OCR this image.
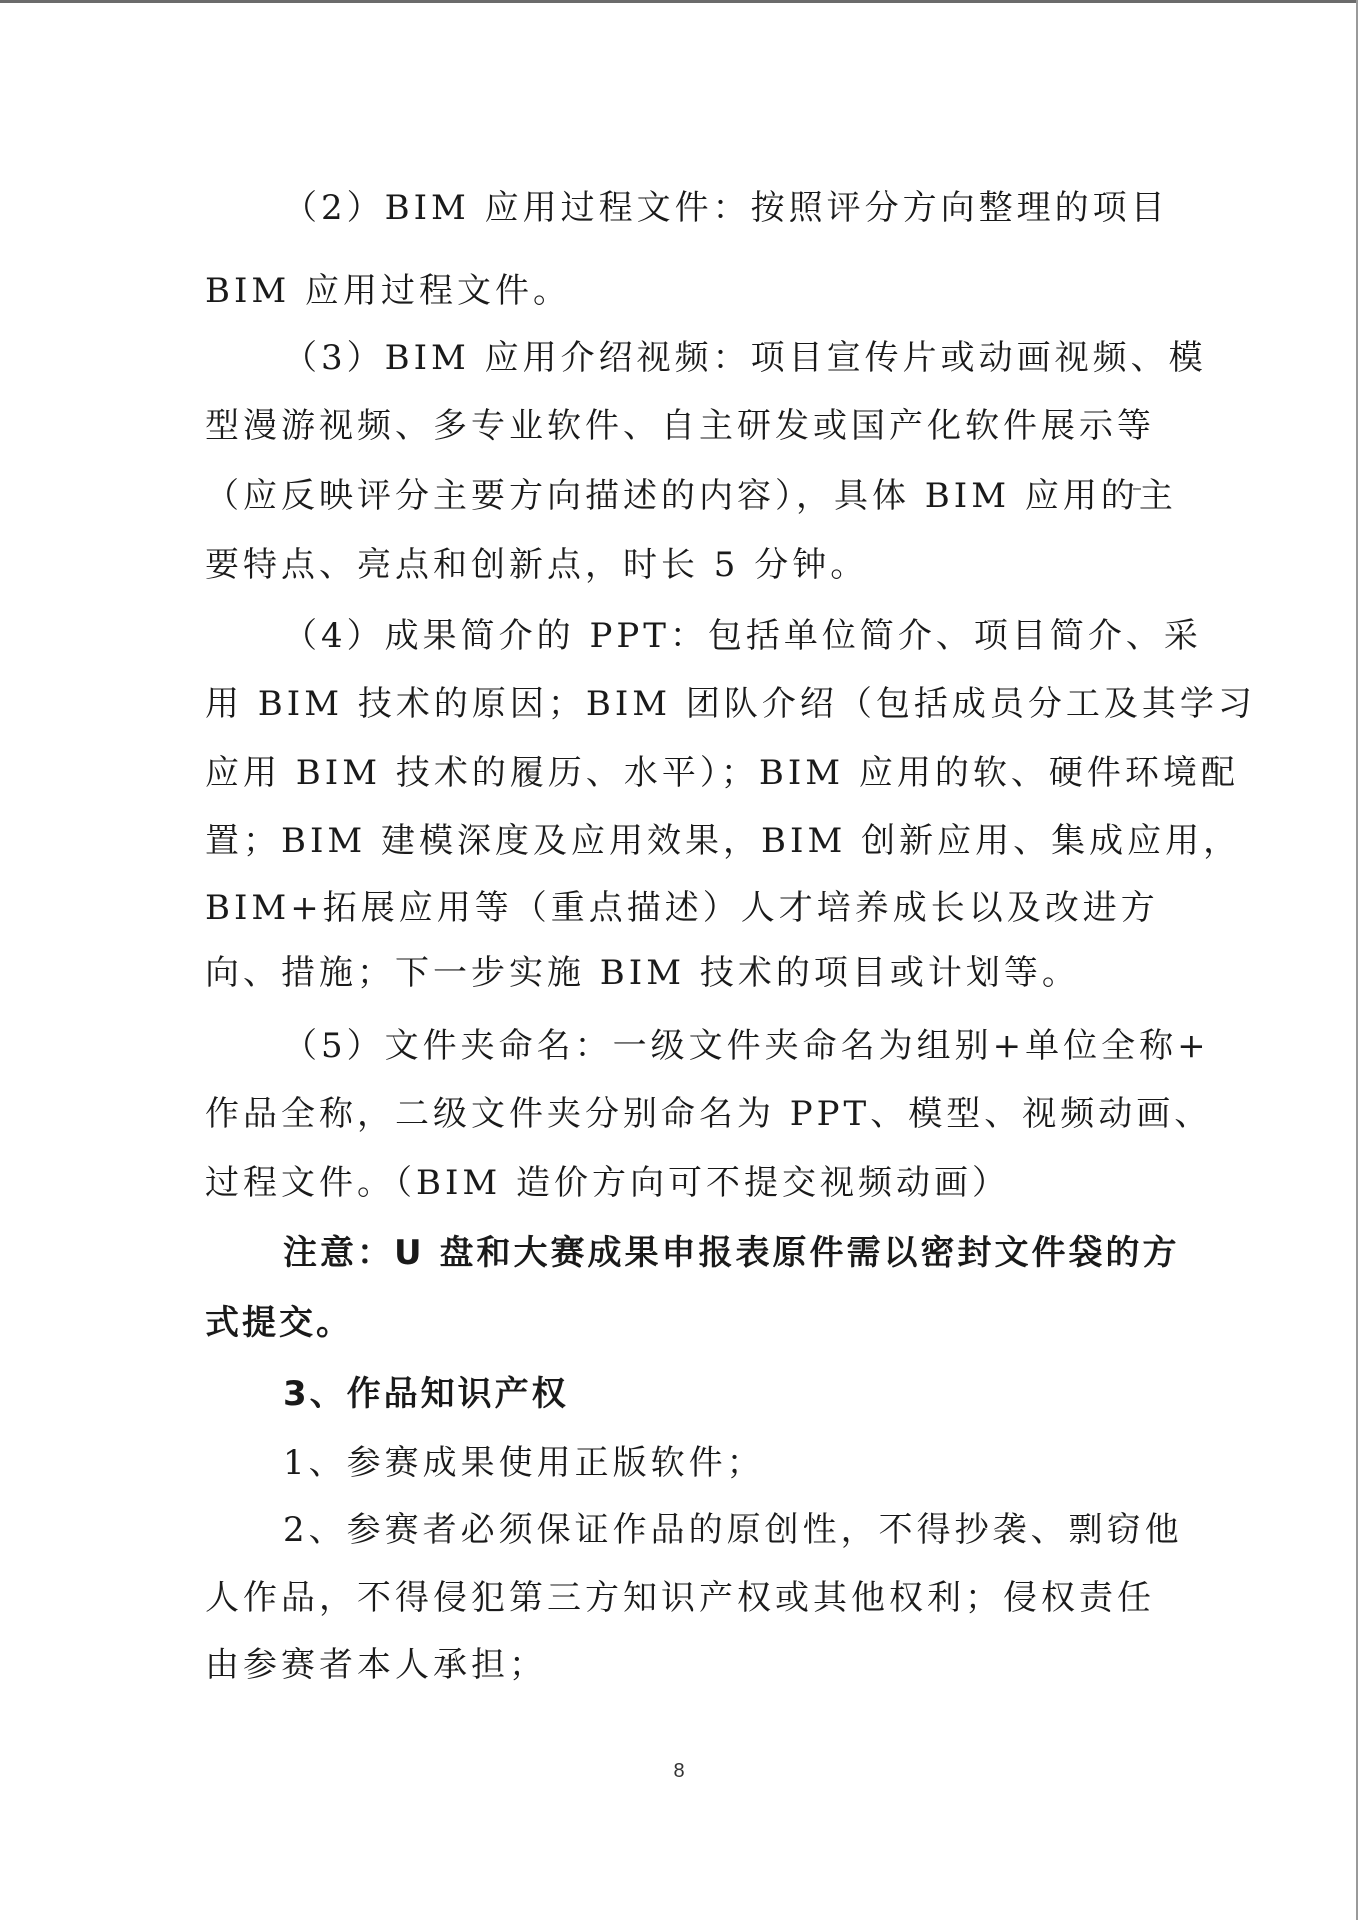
（2）BIM 应用过程文件：按照评分方向整理的项目
BIM 应用过程文件。
（3）BIM 应用介绍视频：项目宣传片或动画视频、模
型漫游视频、多专业软件、自主研发或国产化软件展示等
（应反映评分主要方向描述的内容），具体 BIM 应用的主
要特点、亮点和创新点，时长 5 分钟。
（4）成果简介的 PPT：包括单位简介、项目简介、采
用 BIM 技术的原因；BIM 团队介绍（包括成员分工及其学习
应用 BIM 技术的履历、水平）；BIM 应用的软、硬件环境配
置；BIM 建模深度及应用效果，BIM 创新应用、集成应用，
BIM+拓展应用等（重点描述）人才培养成长以及改进方
向、措施；下一步实施 BIM 技术的项目或计划等。
（5）文件夹命名：一级文件夹命名为组别+单位全称+
作品全称，二级文件夹分别命名为 PPT、模型、视频动画、
过程文件。（BIM 造价方向可不提交视频动画）
注意：U 盘和大赛成果申报表原件需以密封文件袋的方
式提交。
3、作品知识产权
1、参赛成果使用正版软件；
2、参赛者必须保证作品的原创性，不得抄袭、剽窃他
人作品，不得侵犯第三方知识产权或其他权利；侵权责任
由参赛者本人承担；
8
